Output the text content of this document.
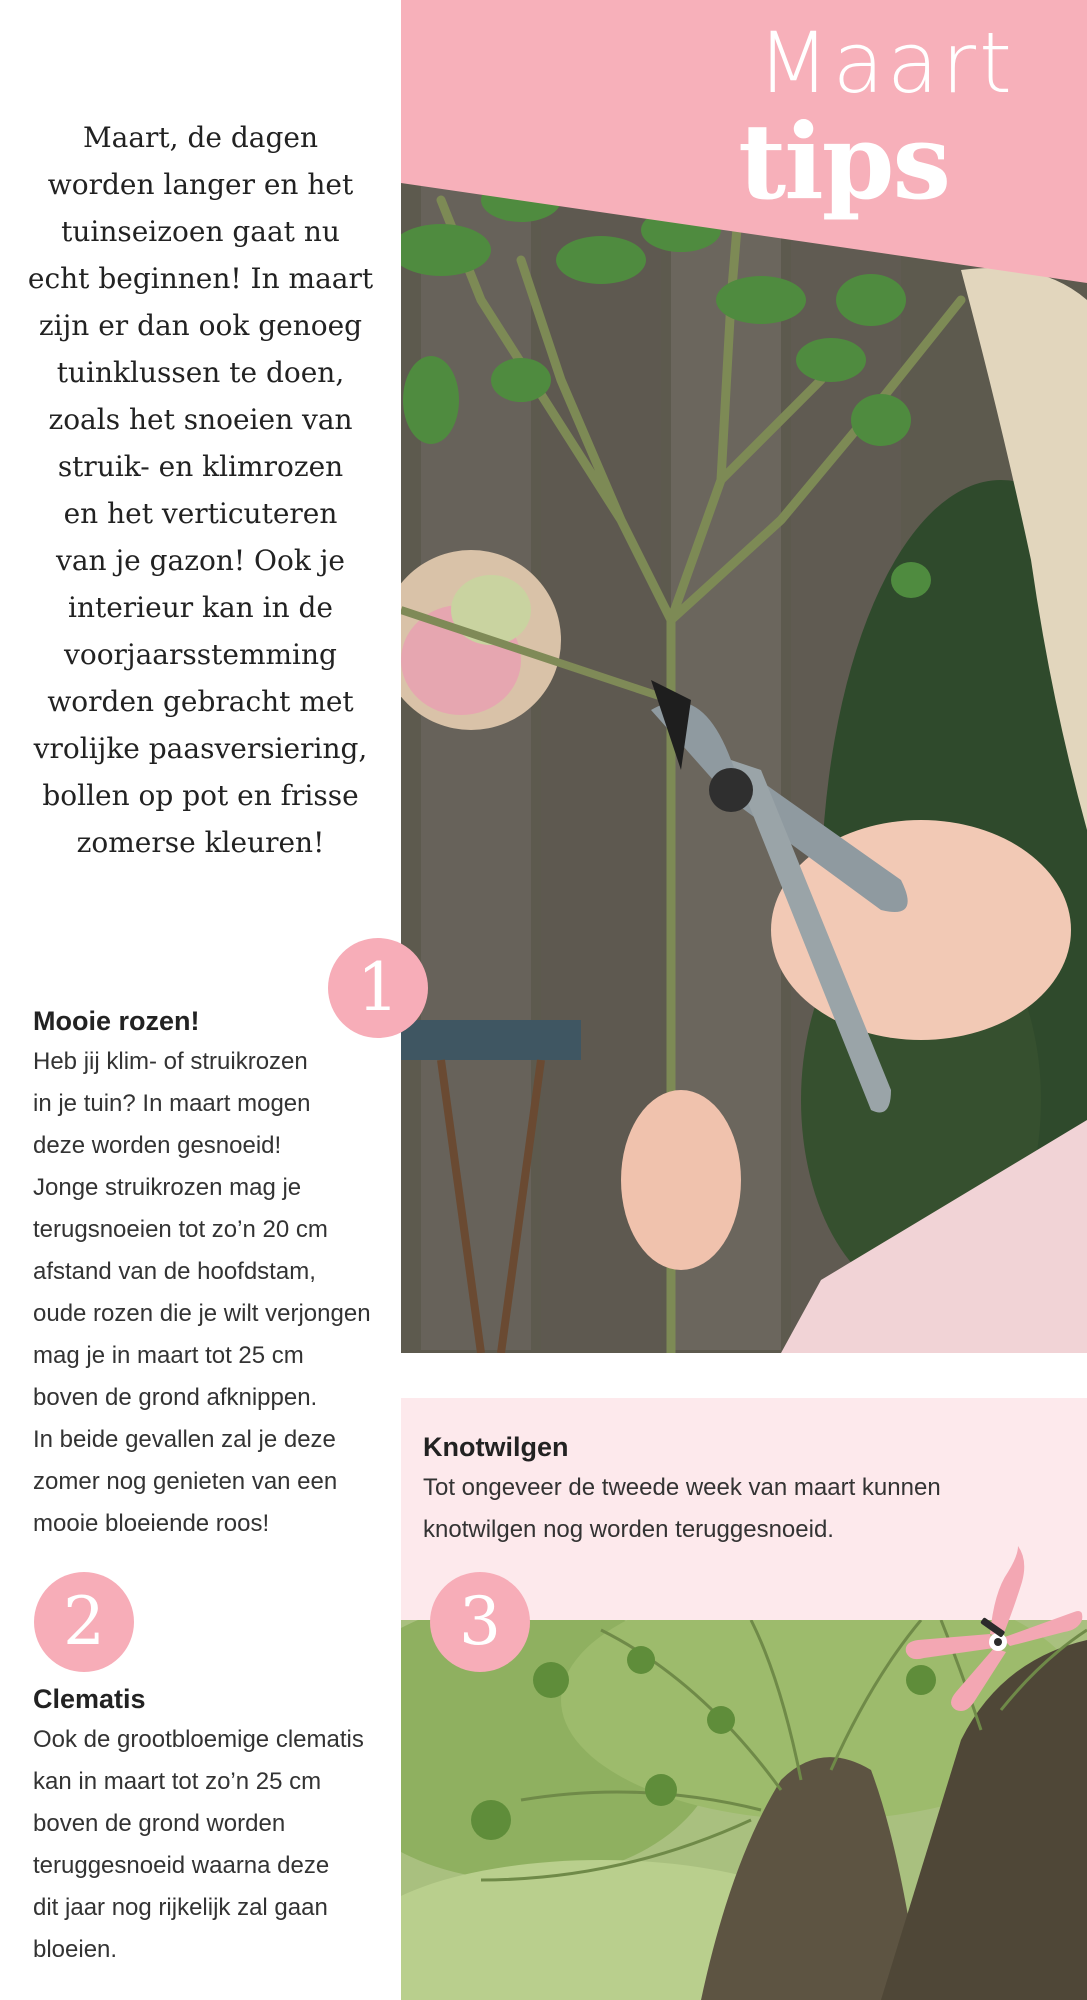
Maart
tips
Maart, de dagen
worden langer en het
tuinseizoen gaat nu
echt beginnen! In maart
zijn er dan ook genoeg
tuinklussen te doen,
zoals het snoeien van
struik- en klimrozen
en het verticuteren
van je gazon! Ook je
interieur kan in de
voorjaarsstemming
worden gebracht met
vrolijke paasversiering,
bollen op pot en frisse
zomerse kleuren!
1
Mooie rozen!
Heb jij klim- of struikrozen
in je tuin? In maart mogen
deze worden gesnoeid!
Jonge struikrozen mag je
terugsnoeien tot zo’n 20 cm
afstand van de hoofdstam,
oude rozen die je wilt verjongen
mag je in maart tot 25 cm
boven de grond afknippen.
In beide gevallen zal je deze
zomer nog genieten van een
mooie bloeiende roos!
2
Clematis
Ook de grootbloemige clematis
kan in maart tot zo’n 25 cm
boven de grond worden
teruggesnoeid waarna deze
dit jaar nog rijkelijk zal gaan
bloeien.
Knotwilgen
Tot ongeveer de tweede week van maart kunnen
knotwilgen nog worden teruggesnoeid.
3
